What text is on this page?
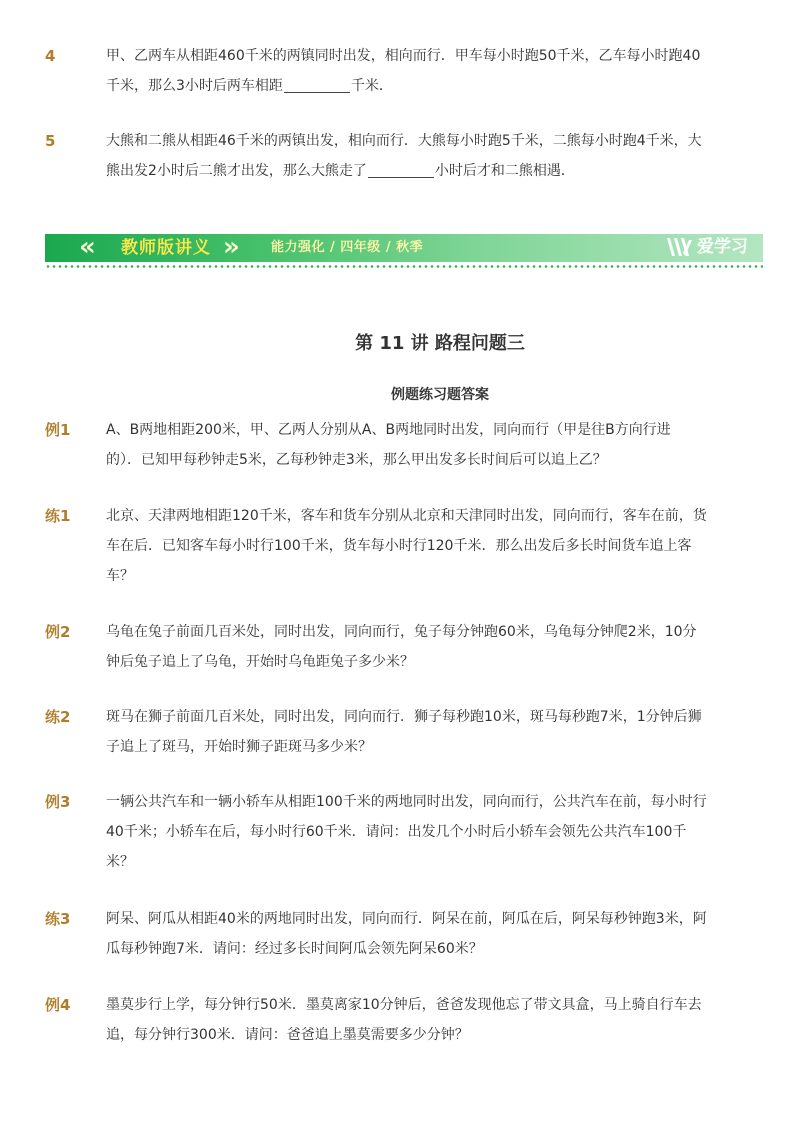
4	甲、乙两车从相距460千米的两镇同时出发，相向而行．甲车每小时跑50千米，乙车每小时跑40
千米，那么3小时后两车相距	千米．
5	大熊和二熊从相距46千米的两镇出发，相向而行．大熊每小时跑5千米，二熊每小时跑4千米，大
熊出发2小时后二熊才出发，那么大熊走了	小时后才和二熊相遇．
« 教师版讲义 » 能力强化 / 四年级 / 秋季	爱学习
第 11 讲 路程问题三
例题练习题答案
例1	A、B两地相距200米，甲、乙两人分别从A、B两地同时出发，同向而行（甲是往B方向行进
的）．已知甲每秒钟走5米，乙每秒钟走3米，那么甲出发多长时间后可以追上乙？
练1	北京、天津两地相距120千米，客车和货车分别从北京和天津同时出发，同向而行，客车在前，货
车在后．已知客车每小时行100千米，货车每小时行120千米．那么出发后多长时间货车追上客
车？
例2	乌龟在兔子前面几百米处，同时出发，同向而行，兔子每分钟跑60米，乌龟每分钟爬2米，10分
钟后兔子追上了乌龟，开始时乌龟距兔子多少米？
练2	斑马在狮子前面几百米处，同时出发，同向而行．狮子每秒跑10米，斑马每秒跑7米，1分钟后狮
子追上了斑马，开始时狮子距斑马多少米？
例3	一辆公共汽车和一辆小轿车从相距100千米的两地同时出发，同向而行，公共汽车在前，每小时行
40千米；小轿车在后，每小时行60千米．请问：出发几个小时后小轿车会领先公共汽车100千
米？
练3	阿呆、阿瓜从相距40米的两地同时出发，同向而行．阿呆在前，阿瓜在后，阿呆每秒钟跑3米，阿
瓜每秒钟跑7米．请问：经过多长时间阿瓜会领先阿呆60米？
例4	墨莫步行上学，每分钟行50米．墨莫离家10分钟后，爸爸发现他忘了带文具盒，马上骑自行车去
追，每分钟行300米．请问：爸爸追上墨莫需要多少分钟？
